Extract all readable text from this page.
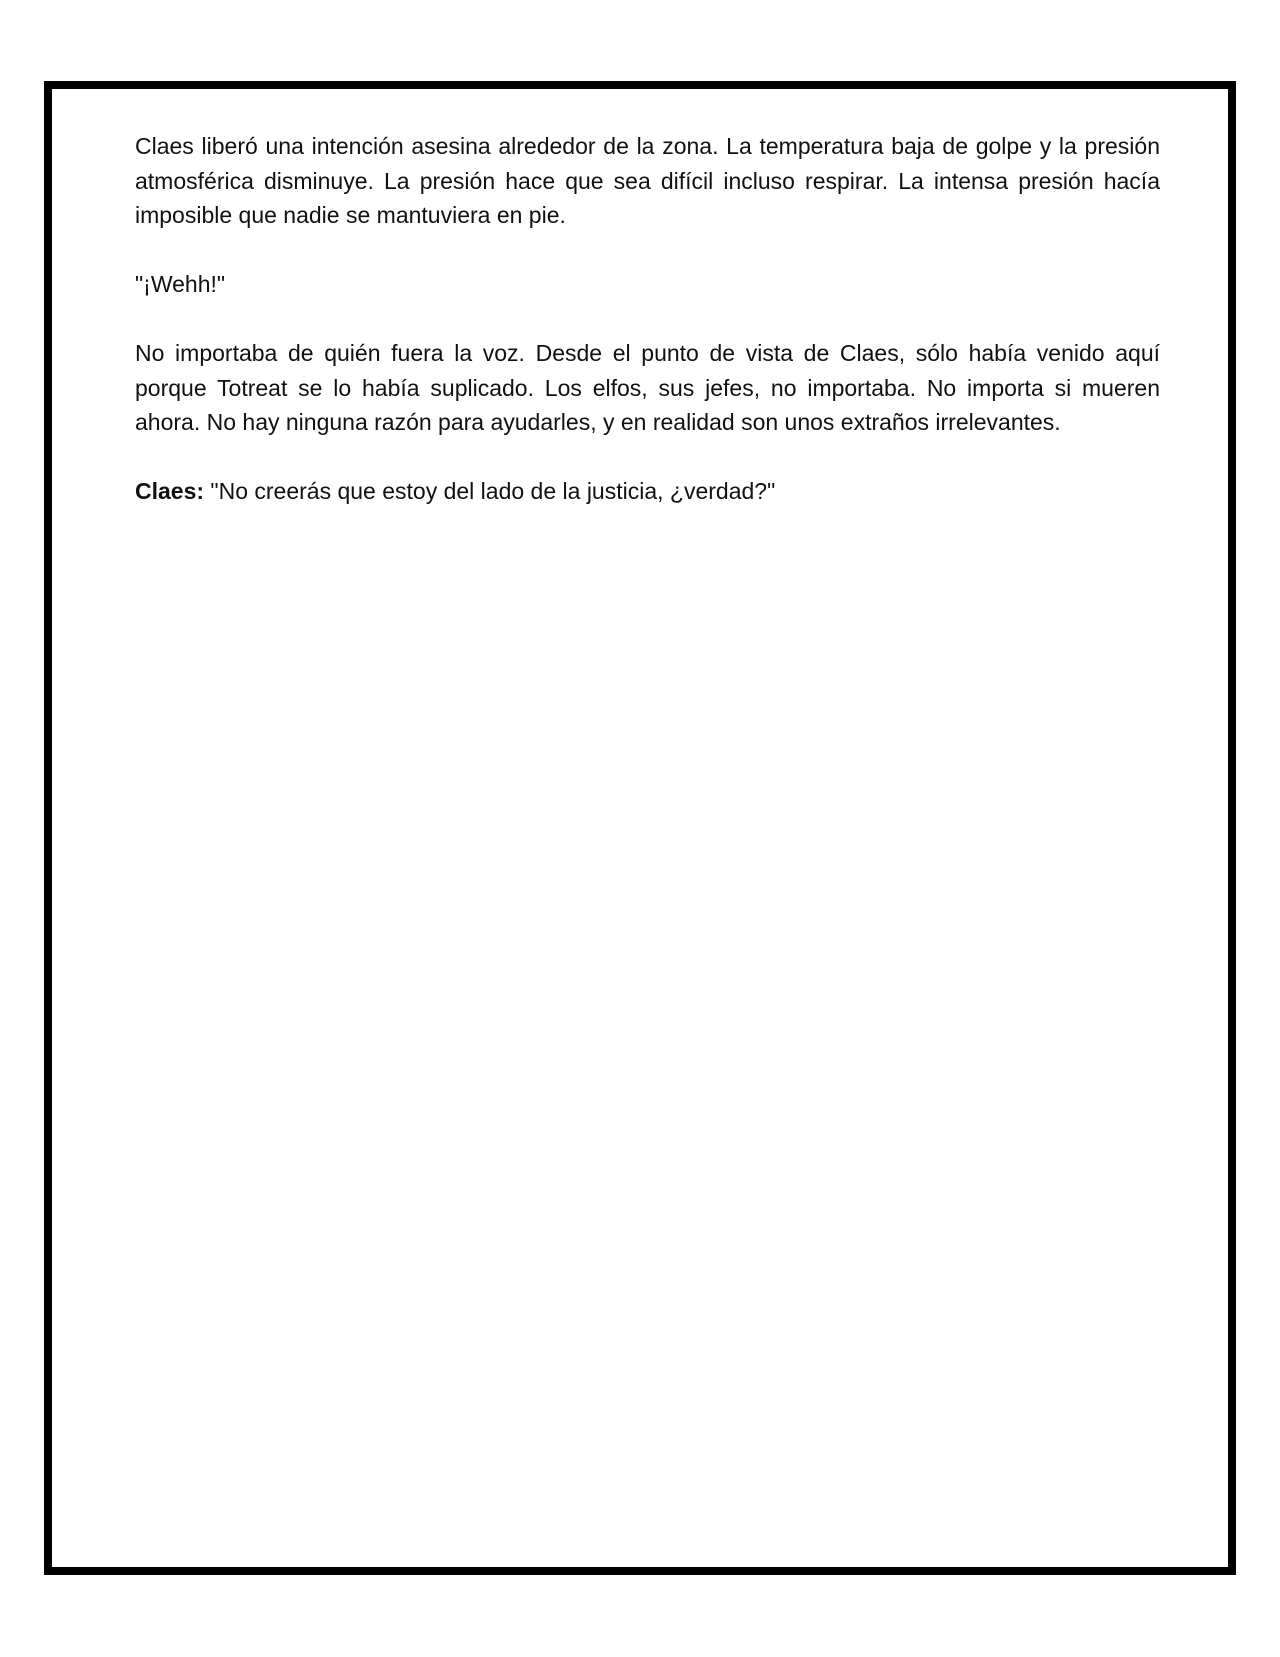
Claes liberó una intención asesina alrededor de la zona. La temperatura baja de golpe y la presión atmosférica disminuye. La presión hace que sea difícil incluso respirar. La intensa presión hacía imposible que nadie se mantuviera en pie.

"¡Wehh!"

No importaba de quién fuera la voz. Desde el punto de vista de Claes, sólo había venido aquí porque Totreat se lo había suplicado. Los elfos, sus jefes, no importaba. No importa si mueren ahora. No hay ninguna razón para ayudarles, y en realidad son unos extraños irrelevantes.

Claes: "No creerás que estoy del lado de la justicia, ¿verdad?"
